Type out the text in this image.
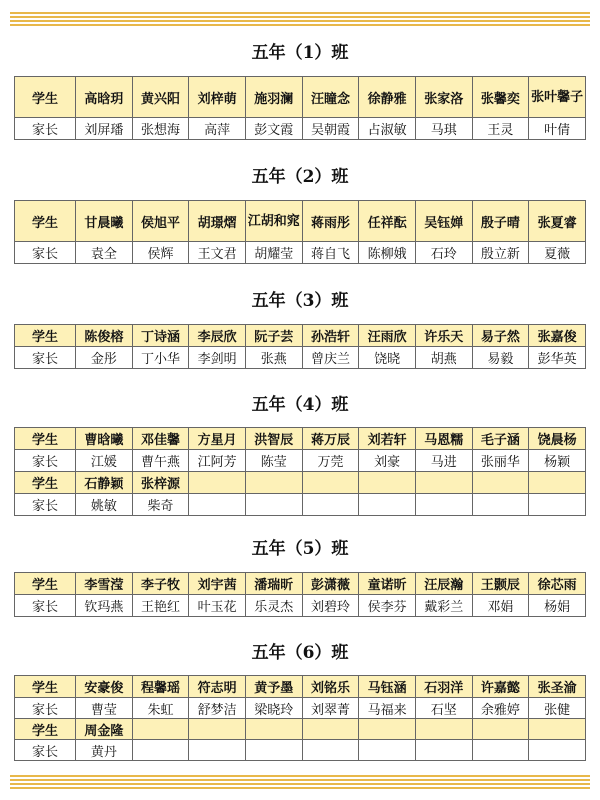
五年（1）班
学生	高晗玥	黄兴阳	刘梓萌	施羽澜	汪瞳念	徐静雅	张家洛	张馨奕	张叶馨子

家长	刘屏璠	张想海	高萍	彭文霞	吴朝霞	占淑敏	马琪	王灵	叶倩
五年（2）班
学生	甘晨曦	侯旭平	胡璟熠	江胡和窕	蒋雨彤	任祥酝	吴钰婵	殷子晴	张夏睿
家长	袁全	侯辉	王文君	胡耀莹	蒋自飞	陈柳娥	石玲	殷立新	夏薇
五年（3）班
学生	陈俊榕	丁诗涵	李辰欣	阮子芸	孙浩轩	汪雨欣	许乐天	易子然	张嘉俊
家长	金彤	丁小华	李剑明	张燕	曾庆兰	饶晓	胡燕	易毅	彭华英
五年（4）班
学生	曹晗曦	邓佳馨	方星月	洪智辰	蒋万辰	刘若轩	马恩糯	毛子涵	饶晨杨
家长	江媛	曹午燕	江阿芳	陈莹	万莞	刘豪	马进	张丽华	杨颖
学生	石静颖	张梓源							
家长	姚敏	柴奇							
五年（5）班
学生	李雪滢	李子牧	刘宇茜	潘瑞昕	彭潇薇	童诺昕	汪辰瀚	王颢辰	徐芯雨
家长	钦玛燕	王艳红	叶玉花	乐灵杰	刘碧玲	侯李芬	戴彩兰	邓娟	杨娟
五年（6）班
学生	安豪俊	程馨瑶	符志明	黄予墨	刘铭乐	马钰涵	石羽洋	许嘉懿	张圣渝
家长	曹莹	朱虹	舒梦洁	梁晓玲	刘翠菁	马福来	石坚	余雅婷	张健
学生	周金隆								
家长	黄丹								
